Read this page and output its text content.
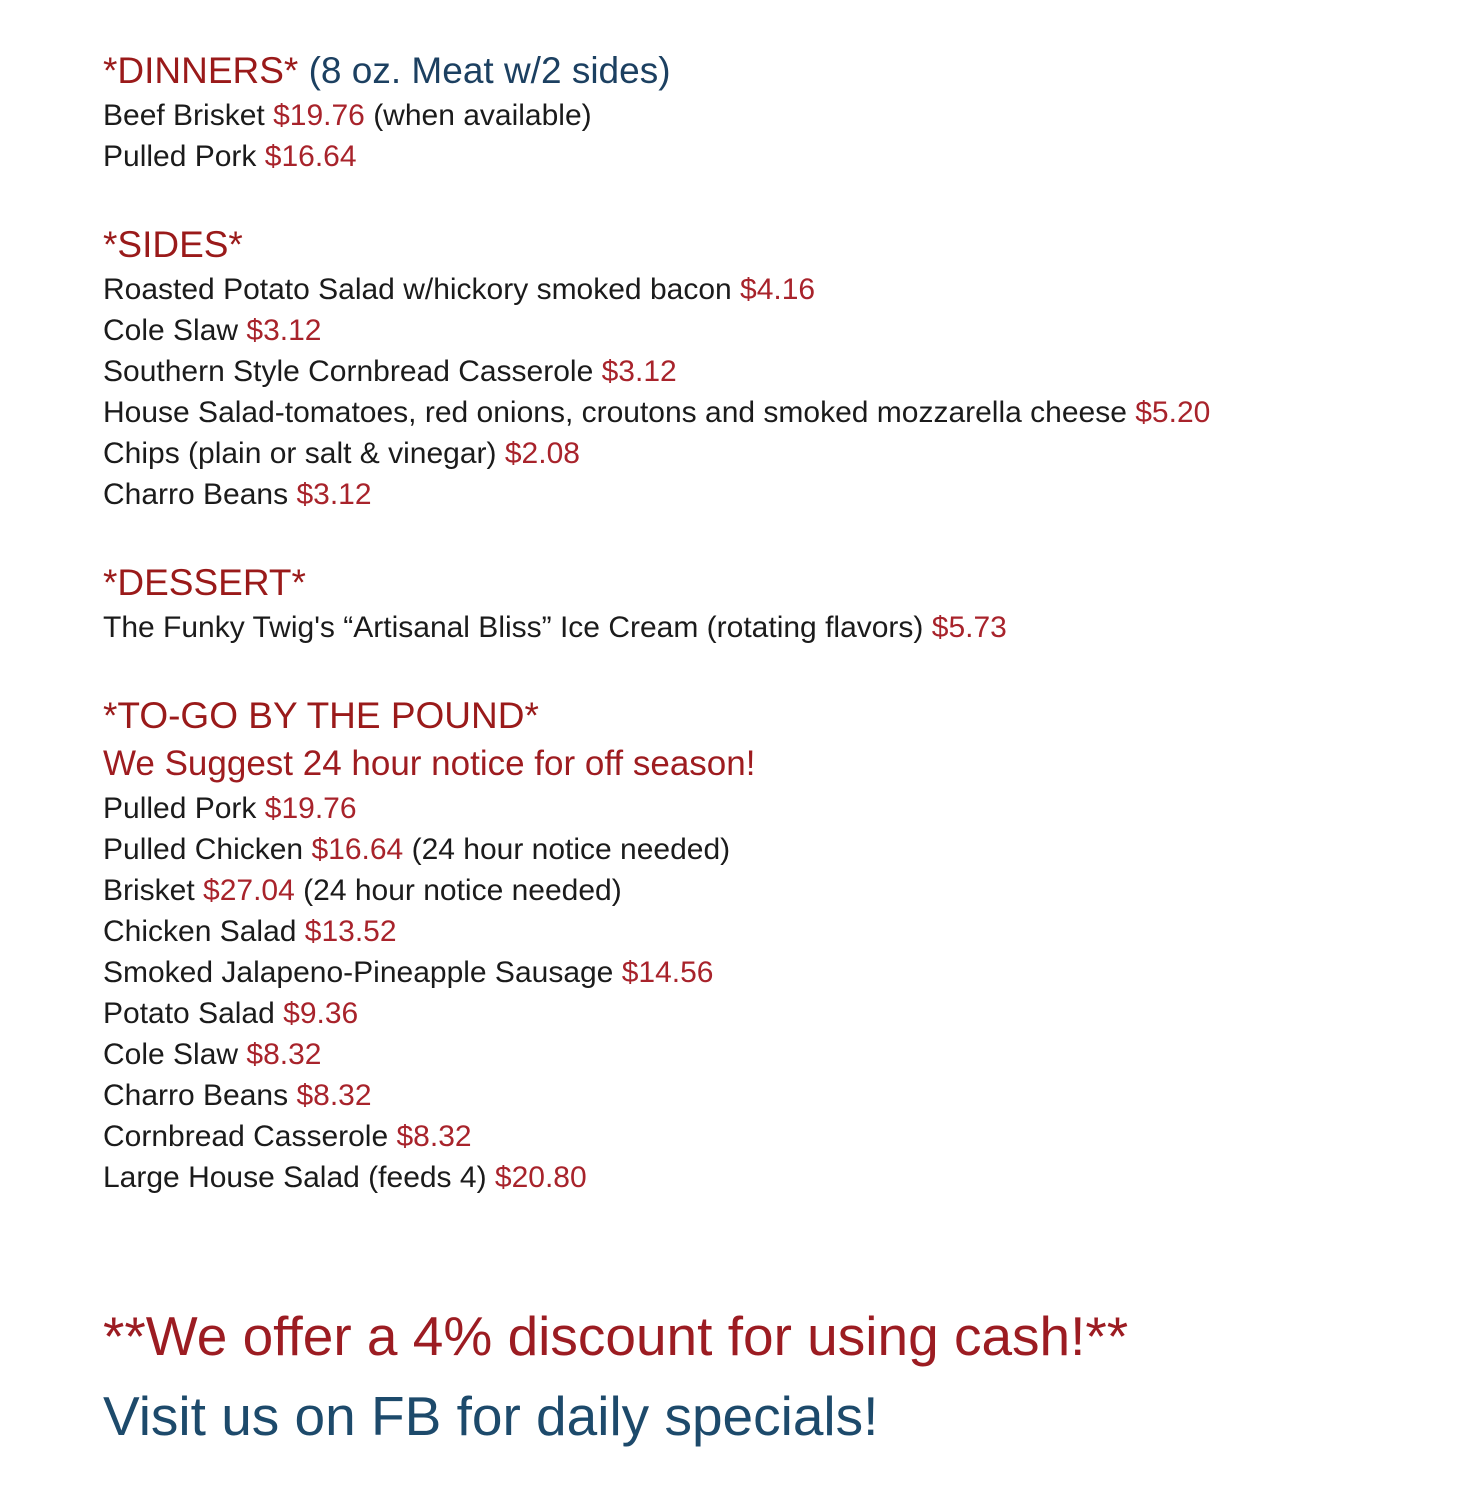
*DINNERS* (8 oz. Meat w/2 sides)
Beef Brisket $19.76 (when available)
Pulled Pork $16.64
*SIDES*
Roasted Potato Salad w/hickory smoked bacon $4.16
Cole Slaw $3.12
Southern Style Cornbread Casserole $3.12
House Salad-tomatoes, red onions, croutons and smoked mozzarella cheese $5.20
Chips (plain or salt & vinegar) $2.08
Charro Beans $3.12
*DESSERT*
The Funky Twig's “Artisanal Bliss” Ice Cream (rotating flavors) $5.73
*TO-GO BY THE POUND*
We Suggest 24 hour notice for off season!
Pulled Pork $19.76
Pulled Chicken $16.64 (24 hour notice needed)
Brisket $27.04 (24 hour notice needed)
Chicken Salad $13.52
Smoked Jalapeno-Pineapple Sausage $14.56
Potato Salad $9.36
Cole Slaw $8.32
Charro Beans $8.32
Cornbread Casserole $8.32
Large House Salad (feeds 4) $20.80
**We offer a 4% discount for using cash!**
Visit us on FB for daily specials!
